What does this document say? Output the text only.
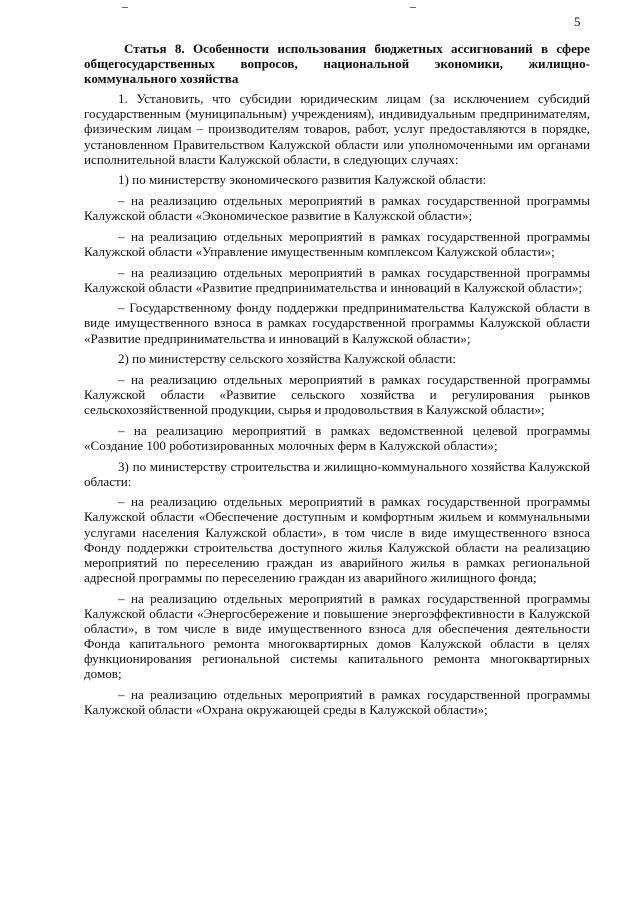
5

Статья 8. Особенности использования бюджетных ассигнований в сфере общегосударственных вопросов, национальной экономики, жилищно-коммунального хозяйства

1. Установить, что субсидии юридическим лицам (за исключением субсидий государственным (муниципальным) учреждениям), индивидуальным предпринимателям, физическим лицам – производителям товаров, работ, услуг предоставляются в порядке, установленном Правительством Калужской области или уполномоченными им органами исполнительной власти Калужской области, в следующих случаях:

1) по министерству экономического развития Калужской области:

– на реализацию отдельных мероприятий в рамках государственной программы Калужской области «Экономическое развитие в Калужской области»;

– на реализацию отдельных мероприятий в рамках государственной программы Калужской области «Управление имущественным комплексом Калужской области»;

– на реализацию отдельных мероприятий в рамках государственной программы Калужской области «Развитие предпринимательства и инноваций в Калужской области»;

– Государственному фонду поддержки предпринимательства Калужской области в виде имущественного взноса в рамках государственной программы Калужской области «Развитие предпринимательства и инноваций в Калужской области»;

2) по министерству сельского хозяйства Калужской области:

– на реализацию отдельных мероприятий в рамках государственной программы Калужской области «Развитие сельского хозяйства и регулирования рынков сельскохозяйственной продукции, сырья и продовольствия в Калужской области»;

– на реализацию мероприятий в рамках ведомственной целевой программы «Создание 100 роботизированных молочных ферм в Калужской области»;

3) по министерству строительства и жилищно-коммунального хозяйства Калужской области:

– на реализацию отдельных мероприятий в рамках государственной программы Калужской области «Обеспечение доступным и комфортным жильем и коммунальными услугами населения Калужской области», в том числе в виде имущественного взноса Фонду поддержки строительства доступного жилья Калужской области на реализацию мероприятий по переселению граждан из аварийного жилья в рамках региональной адресной программы по переселению граждан из аварийного жилищного фонда;

– на реализацию отдельных мероприятий в рамках государственной программы Калужской области «Энергосбережение и повышение энергоэффективности в Калужской области», в том числе в виде имущественного взноса для обеспечения деятельности Фонда капитального ремонта многоквартирных домов Калужской области в целях функционирования региональной системы капитального ремонта многоквартирных домов;

– на реализацию отдельных мероприятий в рамках государственной программы Калужской области «Охрана окружающей среды в Калужской области»;
